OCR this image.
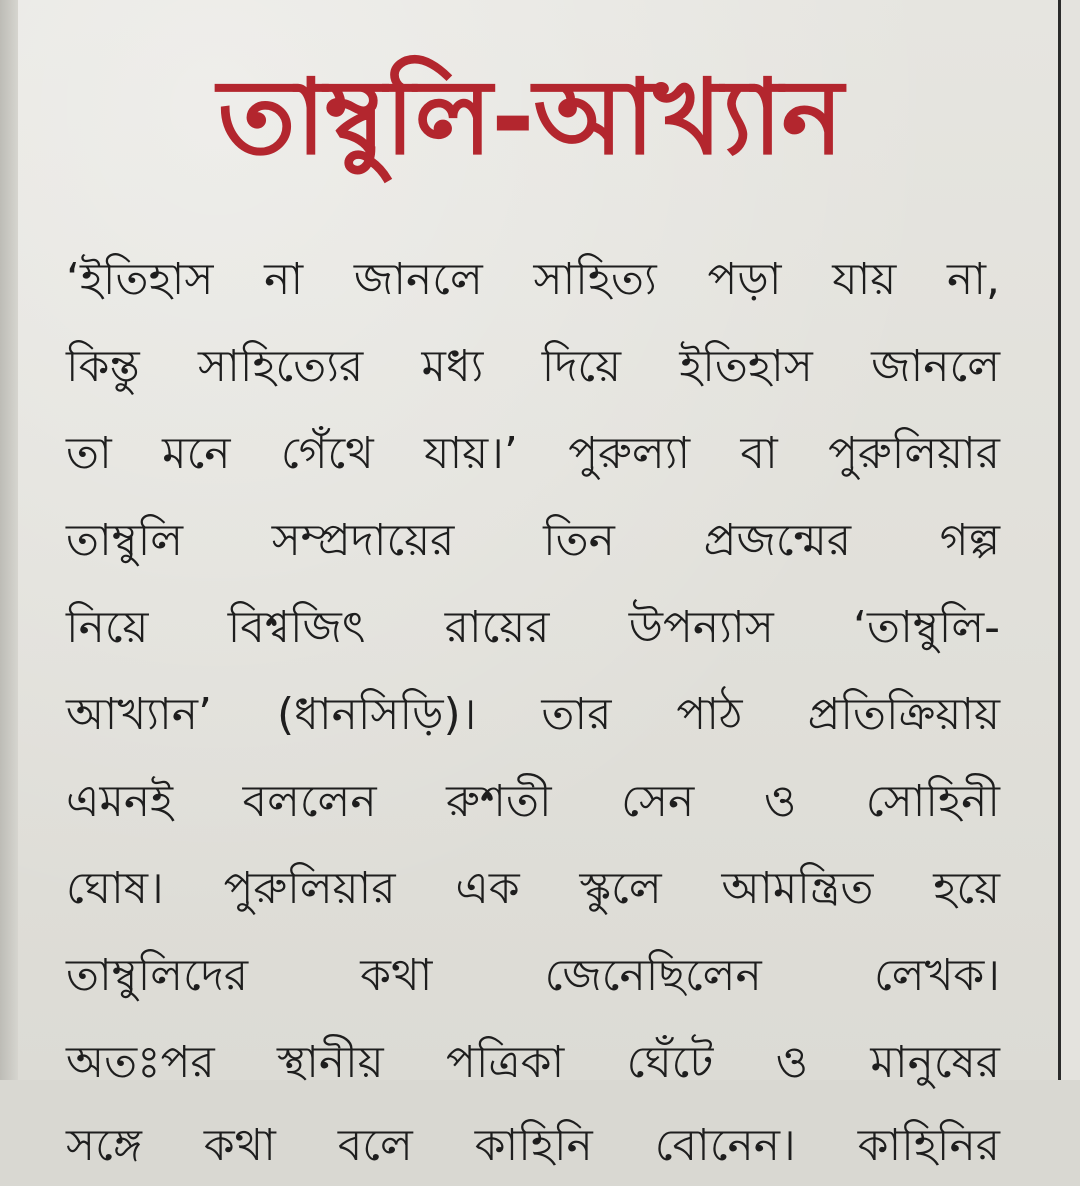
তাম্বুলি-আখ্যান
‘ইতিহাস না জানলে সাহিত্য পড়া যায় না,
কিন্তু সাহিত্যের মধ্য দিয়ে ইতিহাস জানলে
তা মনে গেঁথে যায়।’ পুরুল্যা বা পুরুলিয়ার
তাম্বুলি সম্প্রদায়ের তিন প্রজন্মের গল্প
নিয়ে বিশ্বজিৎ রায়ের উপন্যাস ‘তাম্বুলি-
আখ্যান’ (ধানসিড়ি)। তার পাঠ প্রতিক্রিয়ায়
এমনই বললেন রুশতী সেন ও সোহিনী
ঘোষ। পুরুলিয়ার এক স্কুলে আমন্ত্রিত হয়ে
তাম্বুলিদের কথা জেনেছিলেন লেখক।
অতঃপর স্থানীয় পত্রিকা ঘেঁটে ও মানুষের
সঙ্গে কথা বলে কাহিনি বোনেন। কাহিনির
